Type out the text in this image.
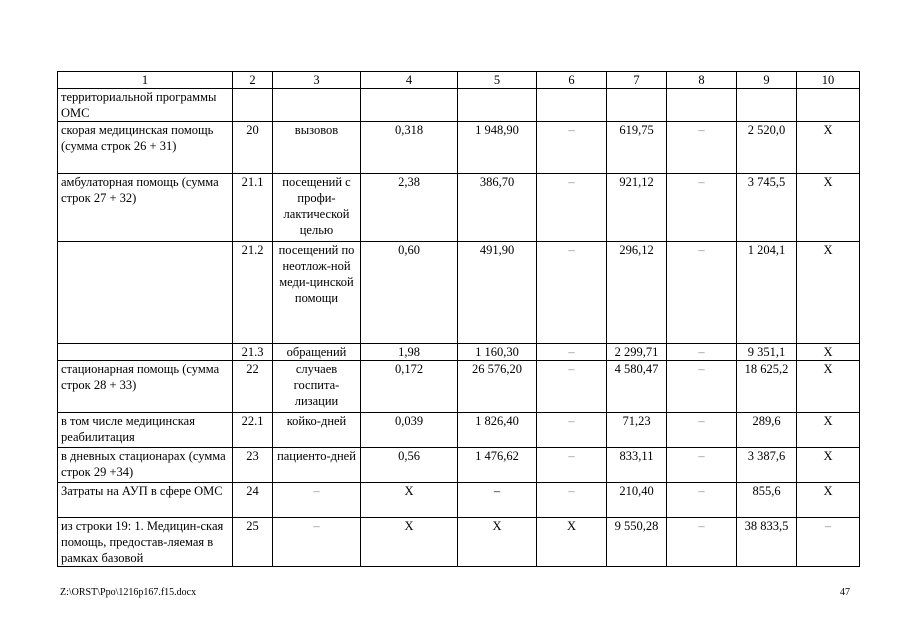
1	2	3	4	5	6	7	8	9	10
территориальной программы ОМС									
скорая медицинская помощь (сумма строк 26 + 31)	20	вызовов	0,318	1 948,90	–	619,75	–	2 520,0	Х
амбулаторная помощь (сумма строк 27 + 32)	21.1	посещений с профи-лактической целью	2,38	386,70	–	921,12	–	3 745,5	Х
	21.2	посещений по неотлож-ной меди-цинской помощи	0,60	491,90	–	296,12	–	1 204,1	Х
	21.3	обращений	1,98	1 160,30	–	2 299,71	–	9 351,1	Х
стационарная помощь (сумма строк 28 + 33)	22	случаев госпита-лизации	0,172	26 576,20	–	4 580,47	–	18 625,2	Х
в том числе медицинская реабилитация	22.1	койко-дней	0,039	1 826,40	–	71,23	–	289,6	Х
в дневных стационарах (сумма строк 29 +34)	23	пациенто-дней	0,56	1 476,62	–	833,11	–	3 387,6	Х
Затраты на АУП в сфере ОМС	24	–	Х	–	–	210,40	–	855,6	Х
из строки 19: 1. Медицин-ская помощь, предостав-ляемая в рамках базовой	25	–	Х	Х	Х	9 550,28	–	38 833,5	–
Z:\ORST\Ppo\1216p167.f15.docx	47
